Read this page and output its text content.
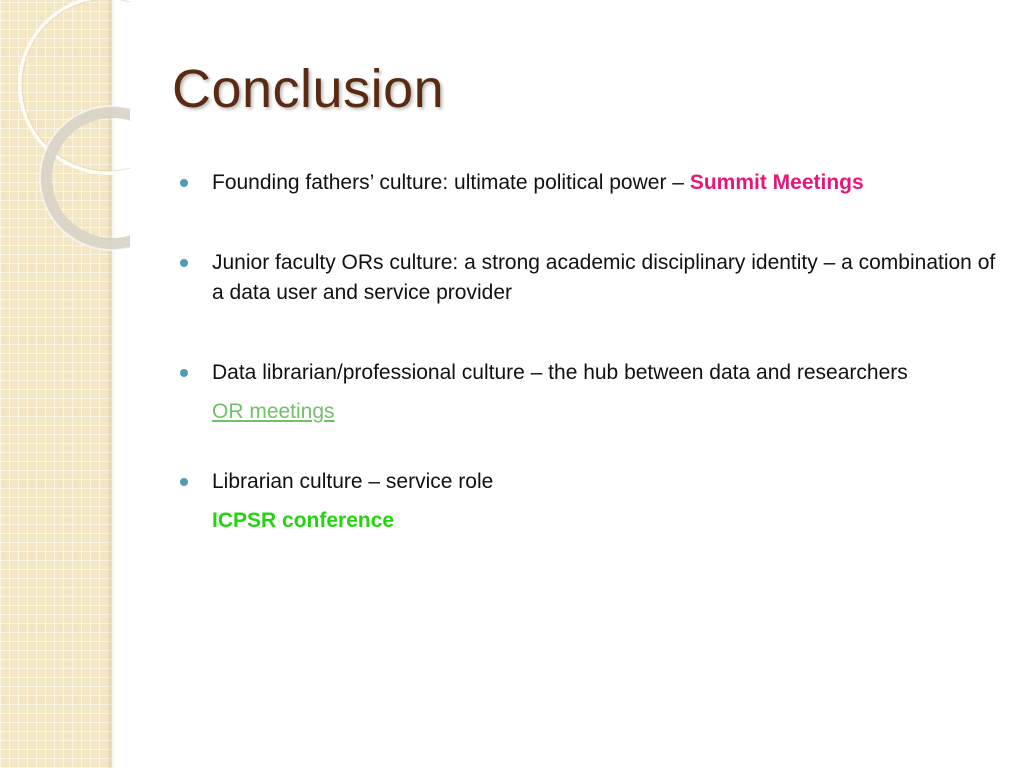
Conclusion
Founding fathers’ culture: ultimate political power – Summit Meetings
Junior faculty ORs culture: a strong academic disciplinary identity – a combination of a data user and service provider
Data librarian/professional culture – the hub between data and researchers
OR meetings
Librarian culture – service role
ICPSR conference
